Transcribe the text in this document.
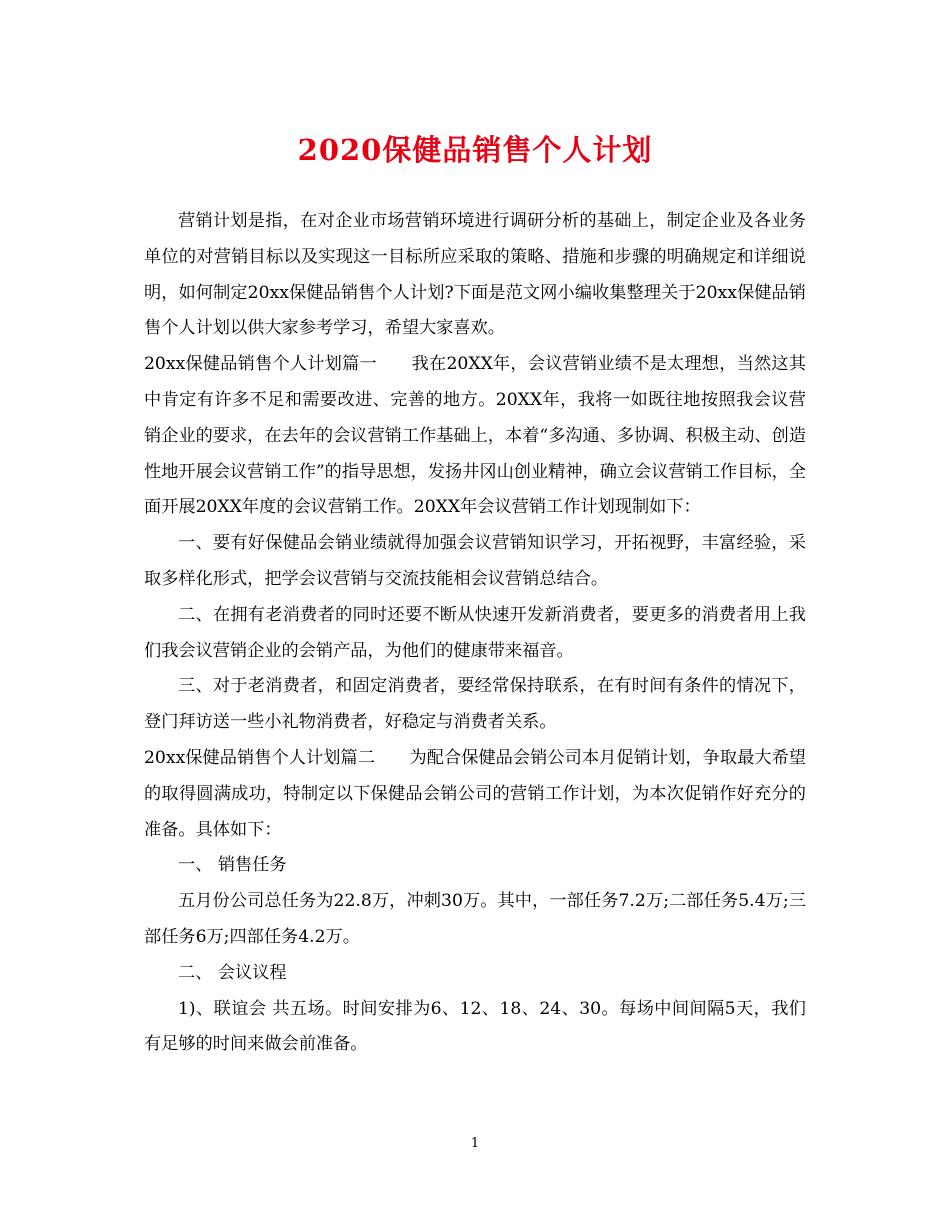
2020保健品销售个人计划

营销计划是指，在对企业市场营销环境进行调研分析的基础上，制定企业及各业务单位的对营销目标以及实现这一目标所应采取的策略、措施和步骤的明确规定和详细说明，如何制定20xx保健品销售个人计划?下面是范文网小编收集整理关于20xx保健品销售个人计划以供大家参考学习，希望大家喜欢。

20xx保健品销售个人计划篇一　　我在20XX年，会议营销业绩不是太理想，当然这其中肯定有许多不足和需要改进、完善的地方。20XX年，我将一如既往地按照我会议营销企业的要求，在去年的会议营销工作基础上，本着“多沟通、多协调、积极主动、创造性地开展会议营销工作”的指导思想，发扬井冈山创业精神，确立会议营销工作目标，全面开展20XX年度的会议营销工作。20XX年会议营销工作计划现制如下：

一、要有好保健品会销业绩就得加强会议营销知识学习，开拓视野，丰富经验，采取多样化形式，把学会议营销与交流技能相会议营销总结合。

二、在拥有老消费者的同时还要不断从快速开发新消费者，要更多的消费者用上我们我会议营销企业的会销产品，为他们的健康带来福音。

三、对于老消费者，和固定消费者，要经常保持联系，在有时间有条件的情况下，登门拜访送一些小礼物消费者，好稳定与消费者关系。

20xx保健品销售个人计划篇二　　为配合保健品会销公司本月促销计划，争取最大希望的取得圆满成功，特制定以下保健品会销公司的营销工作计划，为本次促销作好充分的准备。具体如下：

一、 销售任务

五月份公司总任务为22.8万，冲刺30万。其中，一部任务7.2万;二部任务5.4万;三部任务6万;四部任务4.2万。

二、 会议议程

1)、联谊会 共五场。时间安排为6、12、18、24、30。每场中间间隔5天，我们有足够的时间来做会前准备。

1
